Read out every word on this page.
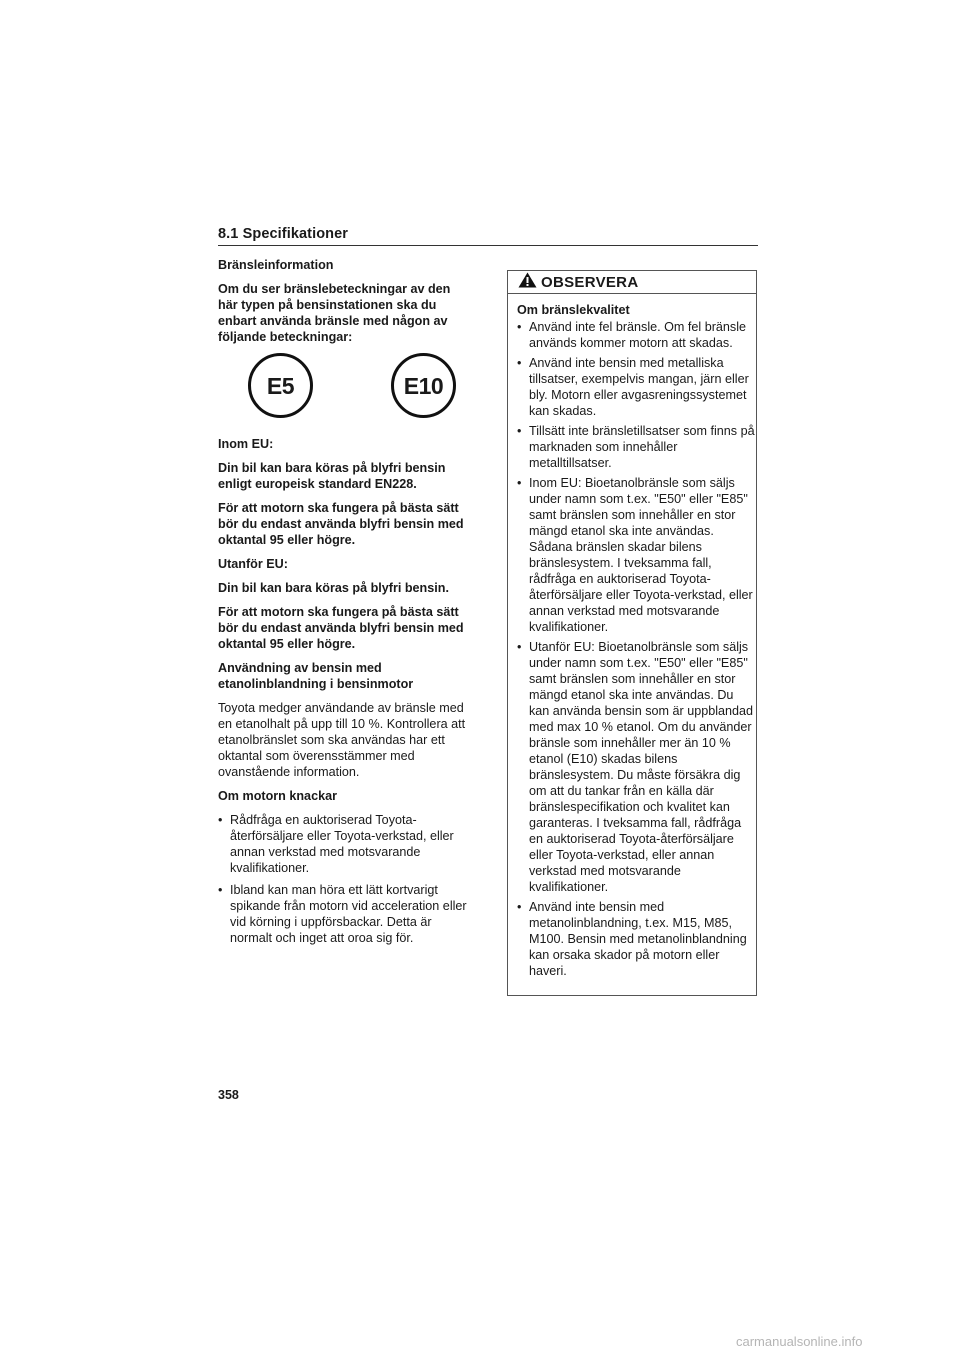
8.1 Specifikationer

Bränsleinformation

Om du ser bränslebeteckningar av den här typen på bensinstationen ska du enbart använda bränsle med någon av följande beteckningar:

E5	E10

Inom EU:

Din bil kan bara köras på blyfri bensin enligt europeisk standard EN228.

För att motorn ska fungera på bästa sätt bör du endast använda blyfri bensin med oktantal 95 eller högre.

Utanför EU:

Din bil kan bara köras på blyfri bensin.

För att motorn ska fungera på bästa sätt bör du endast använda blyfri bensin med oktantal 95 eller högre.

Användning av bensin med etanolinblandning i bensinmotor

Toyota medger användande av bränsle med en etanolhalt på upp till 10 %. Kontrollera att etanolbränslet som ska användas har ett oktantal som överensstämmer med ovanstående information.

Om motorn knackar

• Rådfråga en auktoriserad Toyota-återförsäljare eller Toyota-verkstad, eller annan verkstad med motsvarande kvalifikationer.
• Ibland kan man höra ett lätt kortvarigt spikande från motorn vid acceleration eller vid körning i uppförsbackar. Detta är normalt och inget att oroa sig för.
OBSERVERA

Om bränslekvalitet

• Använd inte fel bränsle. Om fel bränsle används kommer motorn att skadas.
• Använd inte bensin med metalliska tillsatser, exempelvis mangan, järn eller bly. Motorn eller avgasreningssystemet kan skadas.
• Tillsätt inte bränsletillsatser som finns på marknaden som innehåller metalltillsatser.
• Inom EU: Bioetanolbränsle som säljs under namn som t.ex. "E50" eller "E85" samt bränslen som innehåller en stor mängd etanol ska inte användas. Sådana bränslen skadar bilens bränslesystem. I tveksamma fall, rådfråga en auktoriserad Toyota-återförsäljare eller Toyota-verkstad, eller annan verkstad med motsvarande kvalifikationer.
• Utanför EU: Bioetanolbränsle som säljs under namn som t.ex. "E50" eller "E85" samt bränslen som innehåller en stor mängd etanol ska inte användas. Du kan använda bensin som är uppblandad med max 10 % etanol. Om du använder bränsle som innehåller mer än 10 % etanol (E10) skadas bilens bränslesystem. Du måste försäkra dig om att du tankar från en källa där bränslespecifikation och kvalitet kan garanteras. I tveksamma fall, rådfråga en auktoriserad Toyota-återförsäljare eller Toyota-verkstad, eller annan verkstad med motsvarande kvalifikationer.
• Använd inte bensin med metanolinblandning, t.ex. M15, M85, M100. Bensin med metanolinblandning kan orsaka skador på motorn eller haveri.
358
carmanualsonline.info
